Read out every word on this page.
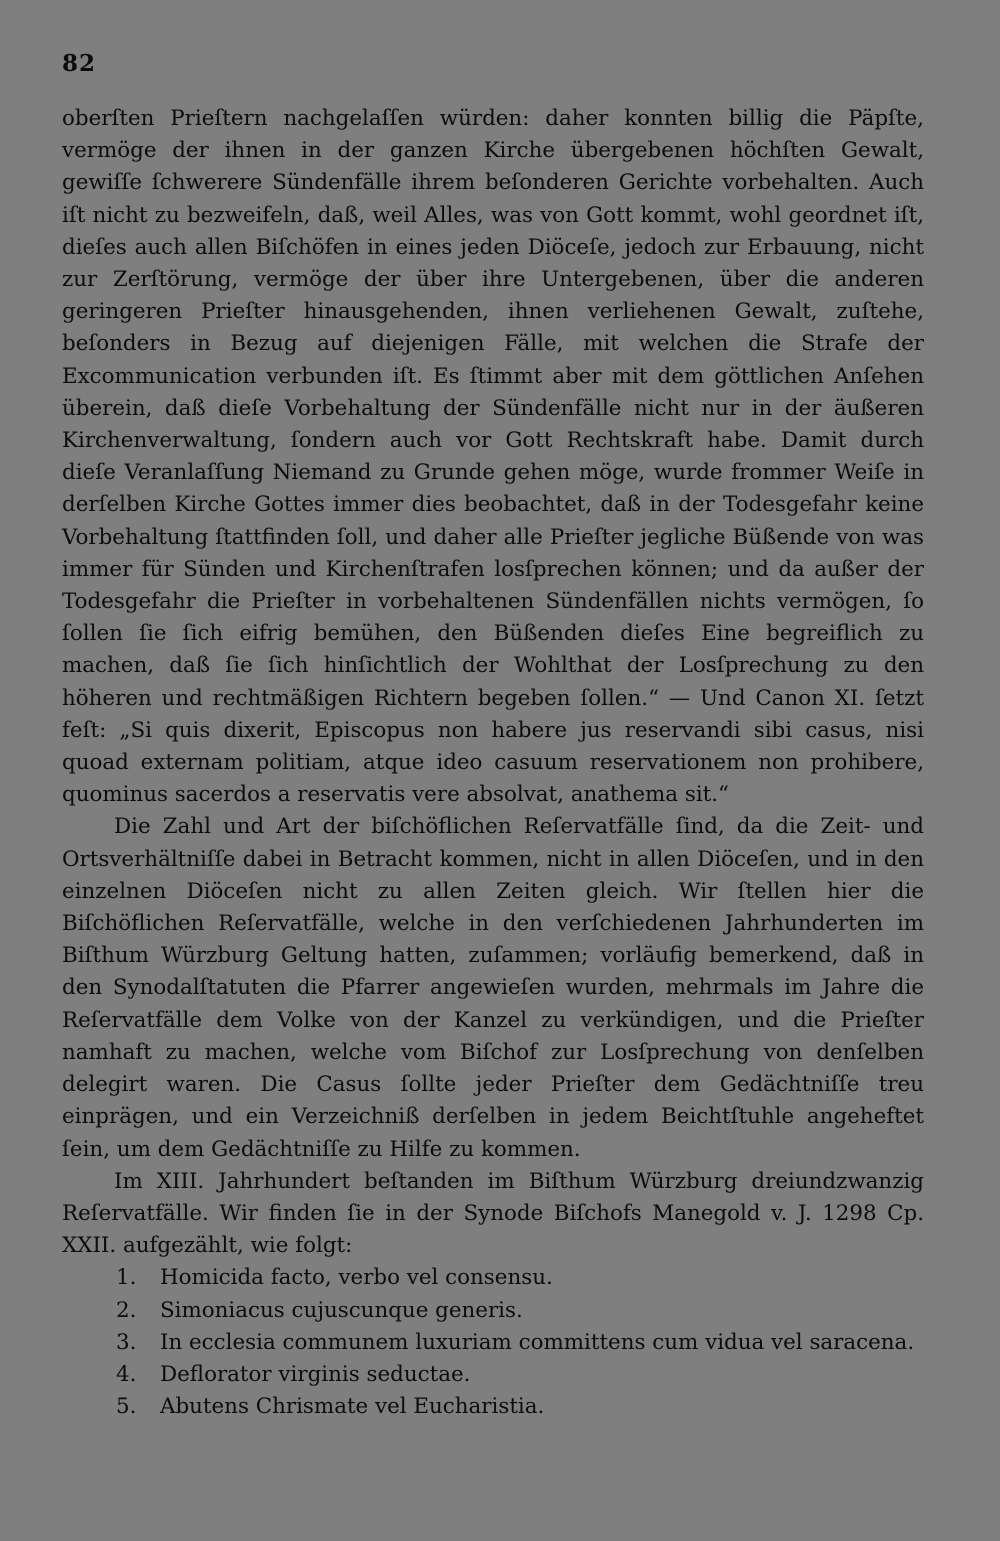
82

oberſten Prieſtern nachgelaſſen würden: daher konnten billig die Päpſte, vermöge der ihnen in der ganzen Kirche übergebenen höchſten Gewalt, gewiſſe ſchwerere Sündenfälle ihrem beſonderen Gerichte vorbehalten. Auch iſt nicht zu bezweifeln, daß, weil Alles, was von Gott kommt, wohl geordnet iſt, dieſes auch allen Biſchöfen in eines jeden Diöceſe, jedoch zur Erbauung, nicht zur Zerſtörung, vermöge der über ihre Untergebenen, über die anderen geringeren Prieſter hinausgehenden, ihnen verliehenen Gewalt, zuſtehe, beſonders in Bezug auf diejenigen Fälle, mit welchen die Strafe der Excommunication verbunden iſt. Es ſtimmt aber mit dem göttlichen Anſehen überein, daß dieſe Vorbehaltung der Sündenfälle nicht nur in der äußeren Kirchenverwaltung, ſondern auch vor Gott Rechtskraft habe. Damit durch dieſe Veranlaſſung Niemand zu Grunde gehen möge, wurde frommer Weiſe in derſelben Kirche Gottes immer dies beobachtet, daß in der Todesgefahr keine Vorbehaltung ſtattfinden ſoll, und daher alle Prieſter jegliche Büßende von was immer für Sünden und Kirchenſtrafen losſprechen können; und da außer der Todesgefahr die Prieſter in vorbehaltenen Sündenfällen nichts vermögen, ſo ſollen ſie ſich eifrig bemühen, den Büßenden dieſes Eine begreiflich zu machen, daß ſie ſich hinſichtlich der Wohlthat der Losſprechung zu den höheren und rechtmäßigen Richtern begeben ſollen.“ — Und Canon XI. ſetzt feſt: „Si quis dixerit, Episcopus non habere jus reservandi sibi casus, nisi quoad externam politiam, atque ideo casuum reservationem non prohibere, quominus sacerdos a reservatis vere absolvat, anathema sit.“

Die Zahl und Art der biſchöflichen Reſervatfälle ſind, da die Zeit- und Ortsverhältniſſe dabei in Betracht kommen, nicht in allen Diöceſen, und in den einzelnen Diöceſen nicht zu allen Zeiten gleich. Wir ſtellen hier die Biſchöflichen Reſervatfälle, welche in den verſchiedenen Jahrhunderten im Biſthum Würzburg Geltung hatten, zuſammen; vorläufig bemerkend, daß in den Synodalſtatuten die Pfarrer angewieſen wurden, mehrmals im Jahre die Reſervatfälle dem Volke von der Kanzel zu verkündigen, und die Prieſter namhaft zu machen, welche vom Biſchof zur Losſprechung von denſelben delegirt waren. Die Casus ſollte jeder Prieſter dem Gedächtniſſe treu einprägen, und ein Verzeichniß derſelben in jedem Beichtſtuhle angeheftet ſein, um dem Gedächtniſſe zu Hilfe zu kommen.

Im XIII. Jahrhundert beſtanden im Biſthum Würzburg dreiundzwanzig Reſervatfälle. Wir finden ſie in der Synode Biſchofs Manegold v. J. 1298 Cp. XXII. aufgezählt, wie folgt:

1. Homicida facto, verbo vel consensu.
2. Simoniacus cujuscunque generis.
3. In ecclesia communem luxuriam committens cum vidua vel saracena.
4. Deflorator virginis seductae.
5. Abutens Chrismate vel Eucharistia.
